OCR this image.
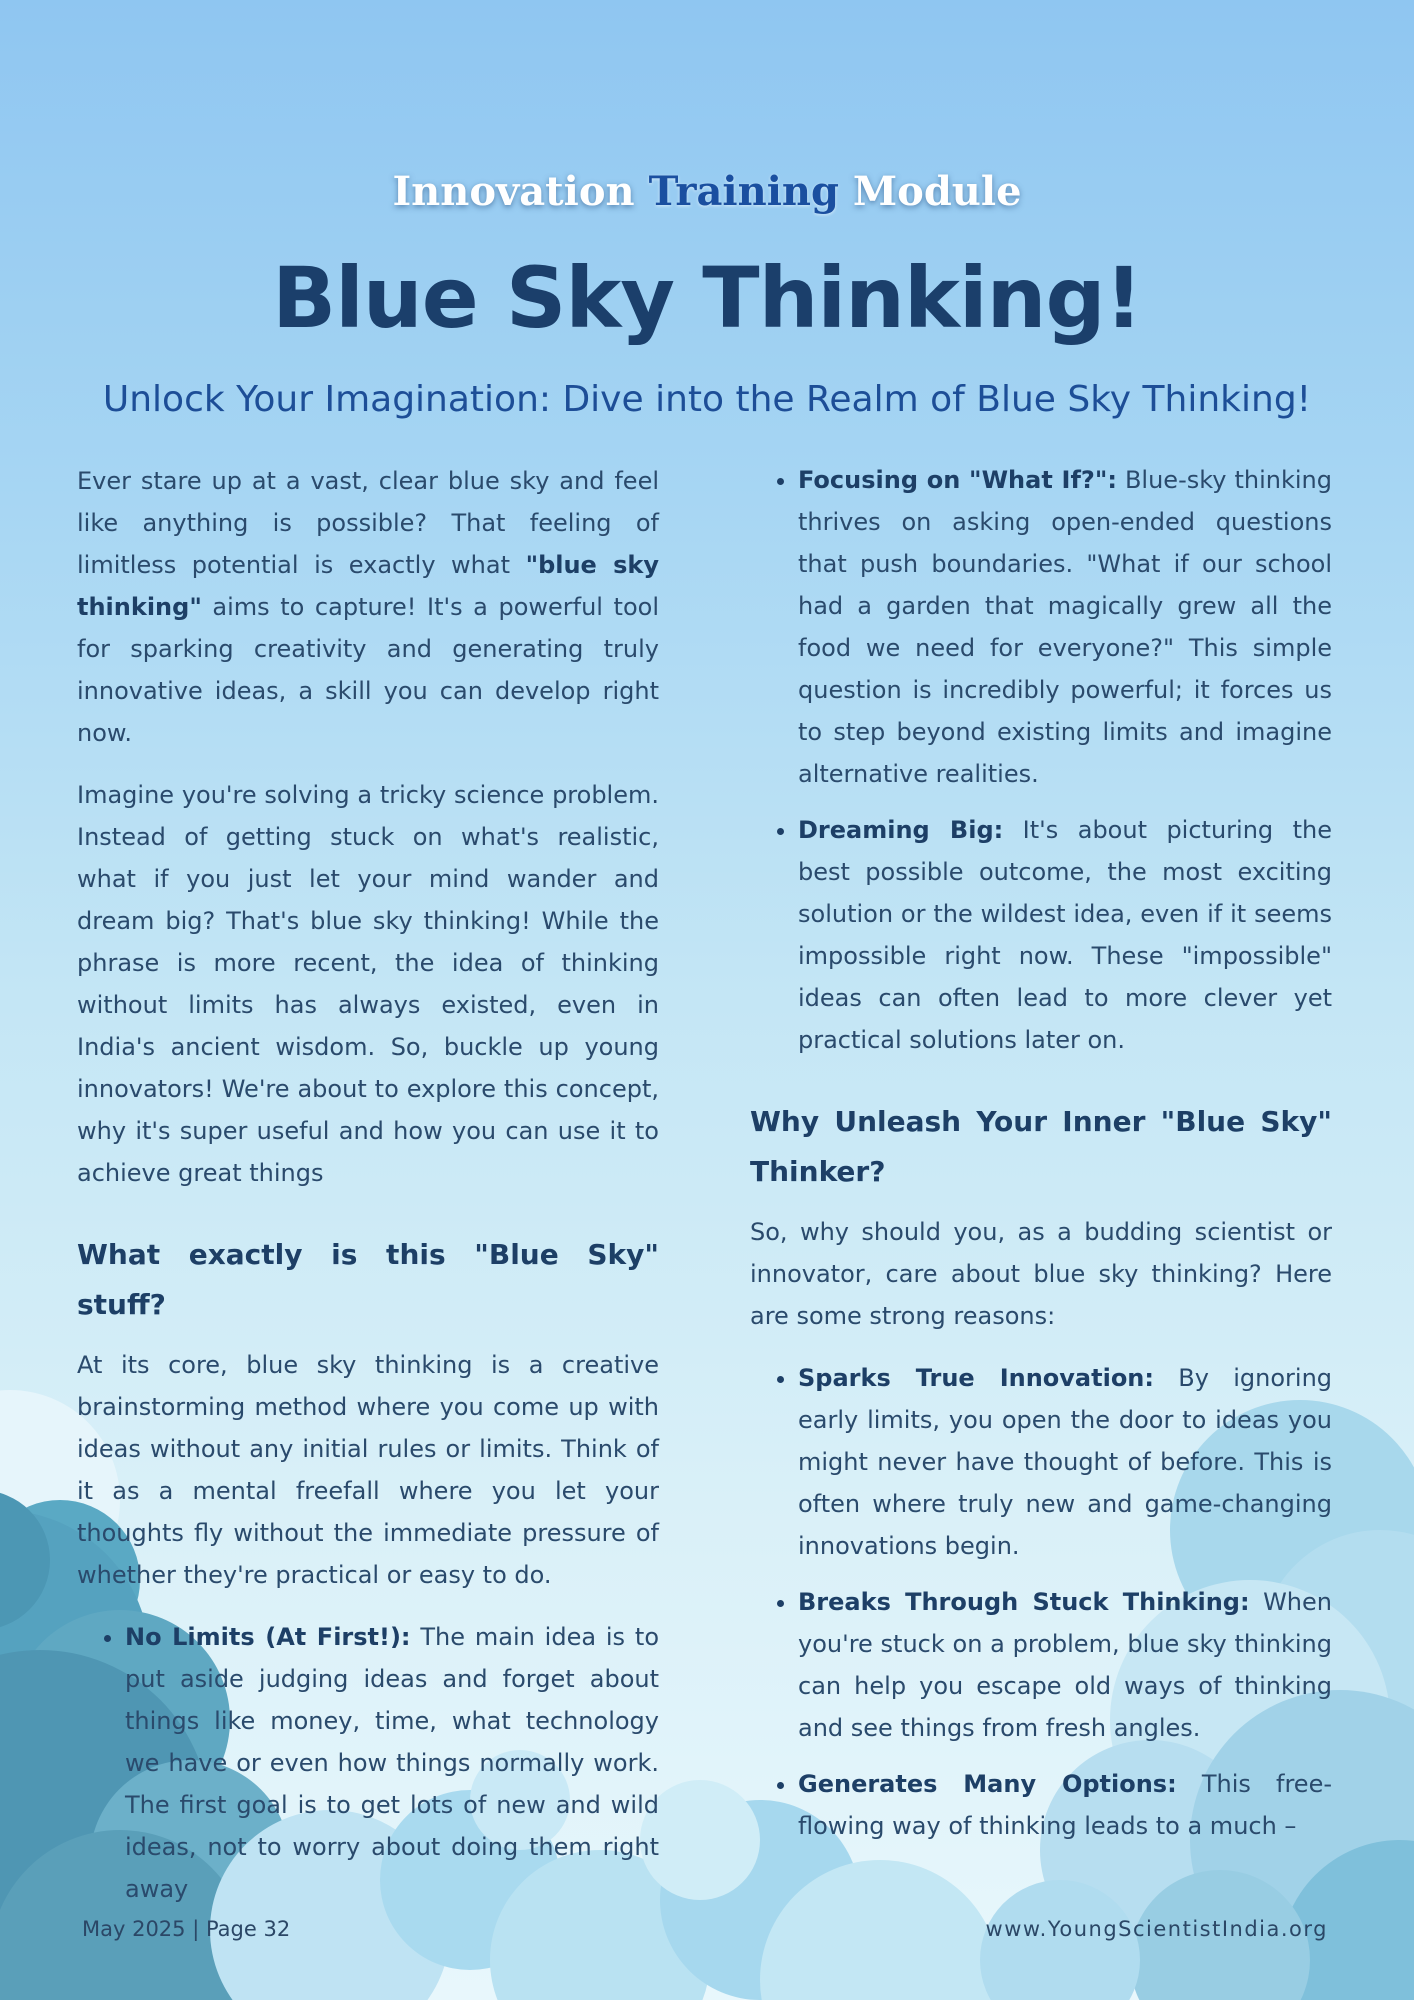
Innovation Training Module
Blue Sky Thinking!
Unlock Your Imagination: Dive into the Realm of Blue Sky Thinking!

Ever stare up at a vast, clear blue sky and feel like anything is possible? That feeling of limitless potential is exactly what "blue sky thinking" aims to capture! It's a powerful tool for sparking creativity and generating truly innovative ideas, a skill you can develop right now.

Imagine you're solving a tricky science problem. Instead of getting stuck on what's realistic, what if you just let your mind wander and dream big? That's blue sky thinking! While the phrase is more recent, the idea of thinking without limits has always existed, even in India's ancient wisdom. So, buckle up young innovators! We're about to explore this concept, why it's super useful and how you can use it to achieve great things

What exactly is this "Blue Sky" stuff?

At its core, blue sky thinking is a creative brainstorming method where you come up with ideas without any initial rules or limits. Think of it as a mental freefall where you let your thoughts fly without the immediate pressure of whether they're practical or easy to do.

• No Limits (At First!): The main idea is to put aside judging ideas and forget about things like money, time, what technology we have or even how things normally work. The first goal is to get lots of new and wild ideas, not to worry about doing them right away
• Focusing on "What If?": Blue-sky thinking thrives on asking open-ended questions that push boundaries. "What if our school had a garden that magically grew all the food we need for everyone?" This simple question is incredibly powerful; it forces us to step beyond existing limits and imagine alternative realities.
• Dreaming Big: It's about picturing the best possible outcome, the most exciting solution or the wildest idea, even if it seems impossible right now. These "impossible" ideas can often lead to more clever yet practical solutions later on.
Why Unleash Your Inner "Blue Sky" Thinker?

So, why should you, as a budding scientist or innovator, care about blue sky thinking? Here are some strong reasons:

• Sparks True Innovation: By ignoring early limits, you open the door to ideas you might never have thought of before. This is often where truly new and game-changing innovations begin.
• Breaks Through Stuck Thinking: When you're stuck on a problem, blue sky thinking can help you escape old ways of thinking and see things from fresh angles.
• Generates Many Options: This free-flowing way of thinking leads to a much –
May 2025 | Page 32	www.YoungScientistIndia.org
